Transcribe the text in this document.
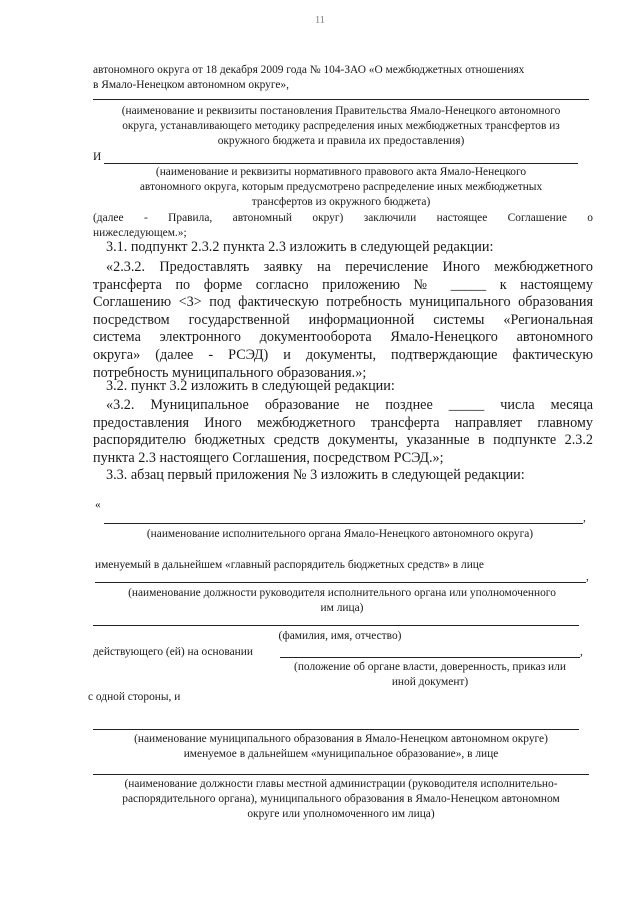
11
автономного округа от 18 декабря 2009 года № 104-ЗАО «О межбюджетных отношениях
в Ямало-Ненецком автономном округе»,
(наименование и реквизиты постановления Правительства Ямало-Ненецкого автономного
округа, устанавливающего методику распределения иных межбюджетных трансфертов из
окружного бюджета и правила их предоставления)
И
(наименование и реквизиты нормативного правового акта Ямало-Ненецкого
автономного округа, которым предусмотрено распределение иных межбюджетных
трансфертов из окружного бюджета)
(далее - Правила, автономный округ) заключили настоящее Соглашение о
нижеследующем.»;
3.1. подпункт 2.3.2 пункта 2.3 изложить в следующей редакции:
«2.3.2. Предоставлять заявку на перечисление Иного межбюджетного
трансферта по форме согласно приложению № _____ к настоящему
Соглашению <3> под фактическую потребность муниципального образования
посредством государственной информационной системы «Региональная
система электронного документооборота Ямало-Ненецкого автономного
округа» (далее - РСЭД) и документы, подтверждающие фактическую
потребность муниципального образования.»;
3.2. пункт 3.2 изложить в следующей редакции:
«3.2. Муниципальное образование не позднее _____ числа месяца
предоставления Иного межбюджетного трансферта направляет главному
распорядителю бюджетных средств документы, указанные в подпункте 2.3.2
пункта 2.3 настоящего Соглашения, посредством РСЭД.»;
3.3. абзац первый приложения № 3 изложить в следующей редакции:
«
,
(наименование исполнительного органа Ямало-Ненецкого автономного округа)
именуемый в дальнейшем «главный распорядитель бюджетных средств» в лице
,
(наименование должности руководителя исполнительного органа или уполномоченного
им лица)
(фамилия, имя, отчество)
действующего (ей) на основании	,
(положение об органе власти, доверенность, приказ или
иной документ)
с одной стороны, и
(наименование муниципального образования в Ямало-Ненецком автономном округе)
именуемое в дальнейшем «муниципальное образование», в лице
(наименование должности главы местной администрации (руководителя исполнительно-
распорядительного органа), муниципального образования в Ямало-Ненецком автономном
округе или уполномоченного им лица)
